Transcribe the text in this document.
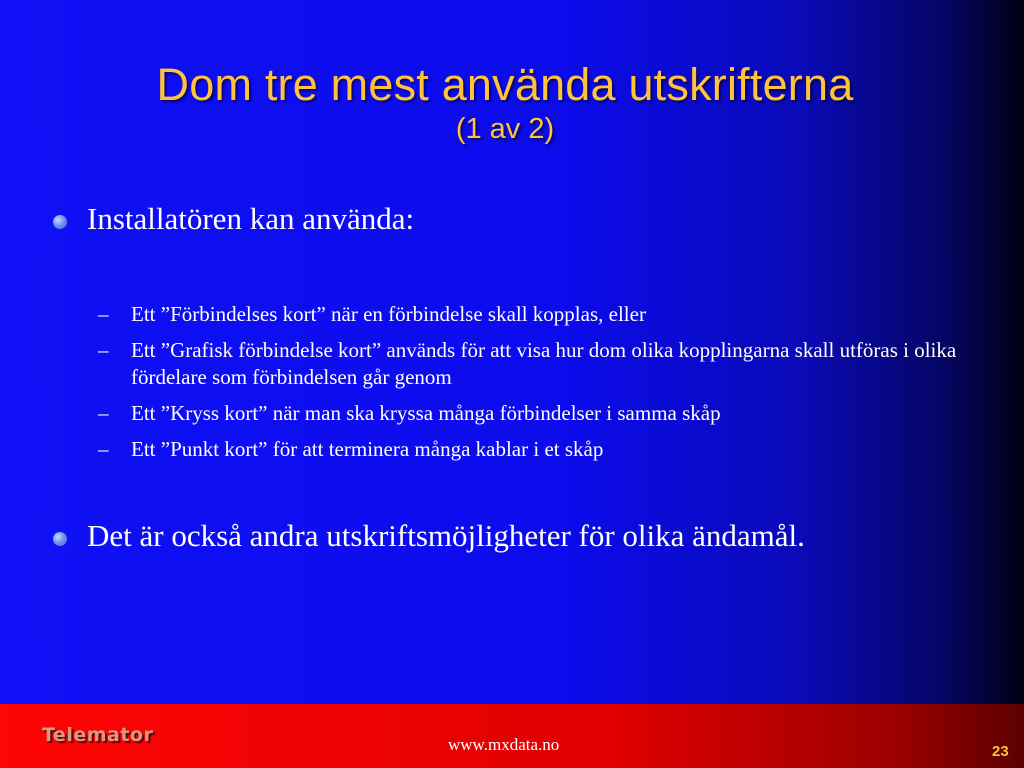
Dom tre mest använda utskrifterna
(1 av 2)
Installatören kan använda:
– Ett ”Förbindelses kort” när en förbindelse skall kopplas, eller
– Ett ”Grafisk förbindelse kort” används för att visa hur dom olika kopplingarna skall utföras i olika fördelare som förbindelsen går genom
– Ett ”Kryss kort” när man ska kryssa många förbindelser i samma skåp
– Ett ”Punkt kort” för att terminera många kablar i et skåp
Det är också andra utskriftsmöjligheter för olika ändamål.
Telemator	www.mxdata.no	23
